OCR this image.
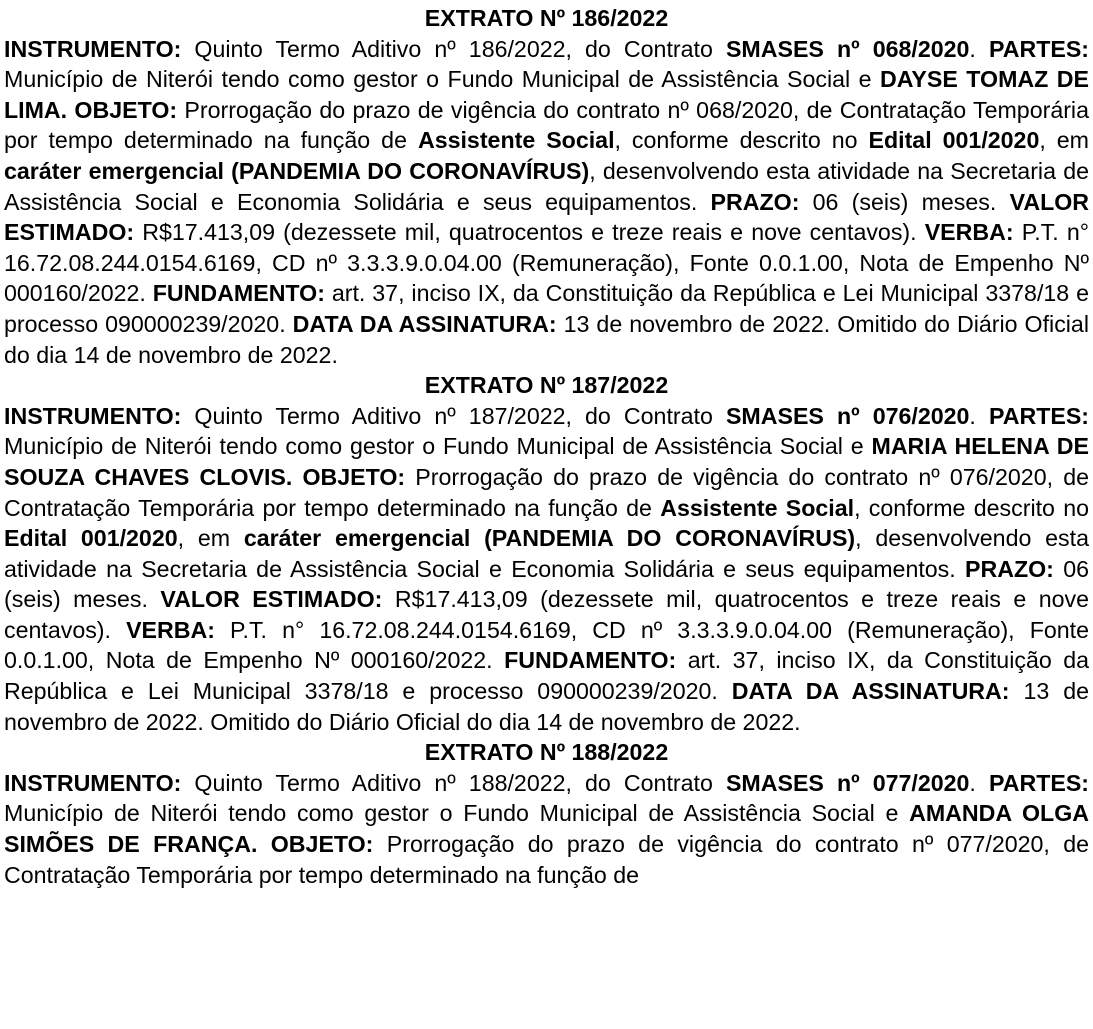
EXTRATO Nº 186/2022
INSTRUMENTO: Quinto Termo Aditivo nº 186/2022, do Contrato SMASES nº 068/2020. PARTES: Município de Niterói tendo como gestor o Fundo Municipal de Assistência Social e DAYSE TOMAZ DE LIMA. OBJETO: Prorrogação do prazo de vigência do contrato nº 068/2020, de Contratação Temporária por tempo determinado na função de Assistente Social, conforme descrito no Edital 001/2020, em caráter emergencial (PANDEMIA DO CORONAVÍRUS), desenvolvendo esta atividade na Secretaria de Assistência Social e Economia Solidária e seus equipamentos. PRAZO: 06 (seis) meses. VALOR ESTIMADO: R$17.413,09 (dezessete mil, quatrocentos e treze reais e nove centavos). VERBA: P.T. n° 16.72.08.244.0154.6169, CD nº 3.3.3.9.0.04.00 (Remuneração), Fonte 0.0.1.00, Nota de Empenho Nº 000160/2022. FUNDAMENTO: art. 37, inciso IX, da Constituição da República e Lei Municipal 3378/18 e processo 090000239/2020. DATA DA ASSINATURA: 13 de novembro de 2022. Omitido do Diário Oficial do dia 14 de novembro de 2022.
EXTRATO Nº 187/2022
INSTRUMENTO: Quinto Termo Aditivo nº 187/2022, do Contrato SMASES nº 076/2020. PARTES: Município de Niterói tendo como gestor o Fundo Municipal de Assistência Social e MARIA HELENA DE SOUZA CHAVES CLOVIS. OBJETO: Prorrogação do prazo de vigência do contrato nº 076/2020, de Contratação Temporária por tempo determinado na função de Assistente Social, conforme descrito no Edital 001/2020, em caráter emergencial (PANDEMIA DO CORONAVÍRUS), desenvolvendo esta atividade na Secretaria de Assistência Social e Economia Solidária e seus equipamentos. PRAZO: 06 (seis) meses. VALOR ESTIMADO: R$17.413,09 (dezessete mil, quatrocentos e treze reais e nove centavos). VERBA: P.T. n° 16.72.08.244.0154.6169, CD nº 3.3.3.9.0.04.00 (Remuneração), Fonte 0.0.1.00, Nota de Empenho Nº 000160/2022. FUNDAMENTO: art. 37, inciso IX, da Constituição da República e Lei Municipal 3378/18 e processo 090000239/2020. DATA DA ASSINATURA: 13 de novembro de 2022. Omitido do Diário Oficial do dia 14 de novembro de 2022.
EXTRATO Nº 188/2022
INSTRUMENTO: Quinto Termo Aditivo nº 188/2022, do Contrato SMASES nº 077/2020. PARTES: Município de Niterói tendo como gestor o Fundo Municipal de Assistência Social e AMANDA OLGA SIMÕES DE FRANÇA. OBJETO: Prorrogação do prazo de vigência do contrato nº 077/2020, de Contratação Temporária por tempo determinado na função de
